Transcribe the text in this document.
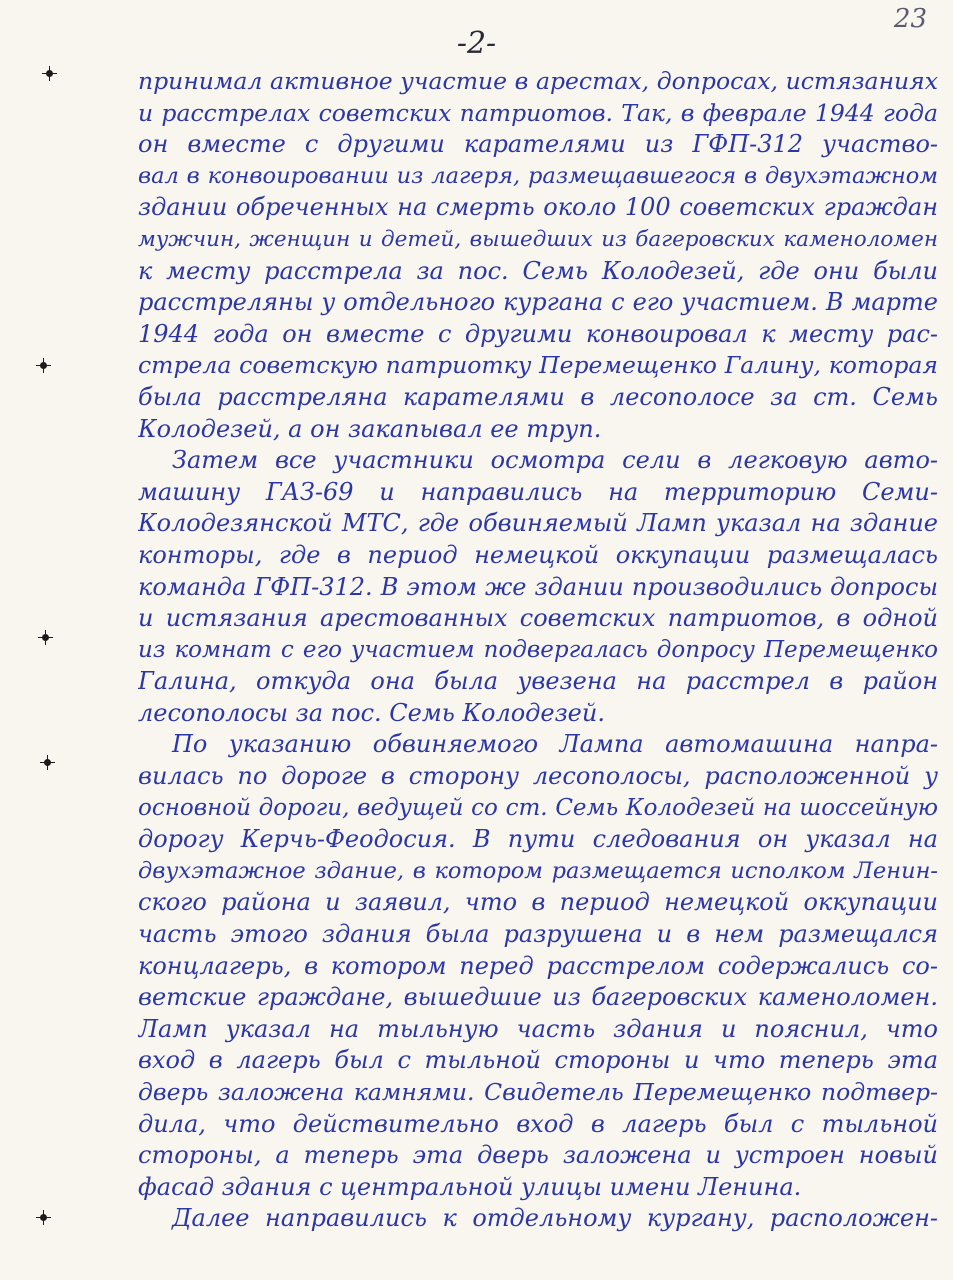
23
-2-
принимал активное участие в арестах, допросах, истязаниях
и расстрелах советских патриотов. Так, в феврале 1944 года
он вместе с другими карателями из ГФП-312 участво-
вал в конвоировании из лагеря, размещавшегося в двухэтажном
здании обреченных на смерть около 100 советских граждан
мужчин, женщин и детей, вышедших из багеровских каменоломен
к месту расстрела за пос. Семь Колодезей, где они были
расстреляны у отдельного кургана с его участием. В марте
1944 года он вместе с другими конвоировал к месту рас-
стрела советскую патриотку Перемещенко Галину, которая
была расстреляна карателями в лесополосе за ст. Семь
Колодезей, а он закапывал ее труп.
Затем все участники осмотра сели в легковую авто-
машину ГАЗ-69 и направились на территорию Семи-
Колодезянской МТС, где обвиняемый Ламп указал на здание
конторы, где в период немецкой оккупации размещалась
команда ГФП-312. В этом же здании производились допросы
и истязания арестованных советских патриотов, в одной
из комнат с его участием подвергалась допросу Перемещенко
Галина, откуда она была увезена на расстрел в район
лесополосы за пос. Семь Колодезей.
По указанию обвиняемого Лампа автомашина напра-
вилась по дороге в сторону лесополосы, расположенной у
основной дороги, ведущей со ст. Семь Колодезей на шоссейную
дорогу Керчь-Феодосия. В пути следования он указал на
двухэтажное здание, в котором размещается исполком Ленин-
ского района и заявил, что в период немецкой оккупации
часть этого здания была разрушена и в нем размещался
концлагерь, в котором перед расстрелом содержались со-
ветские граждане, вышедшие из багеровских каменоломен.
Ламп указал на тыльную часть здания и пояснил, что
вход в лагерь был с тыльной стороны и что теперь эта
дверь заложена камнями. Свидетель Перемещенко подтвер-
дила, что действительно вход в лагерь был с тыльной
стороны, а теперь эта дверь заложена и устроен новый
фасад здания с центральной улицы имени Ленина.
Далее направились к отдельному кургану, расположен-
